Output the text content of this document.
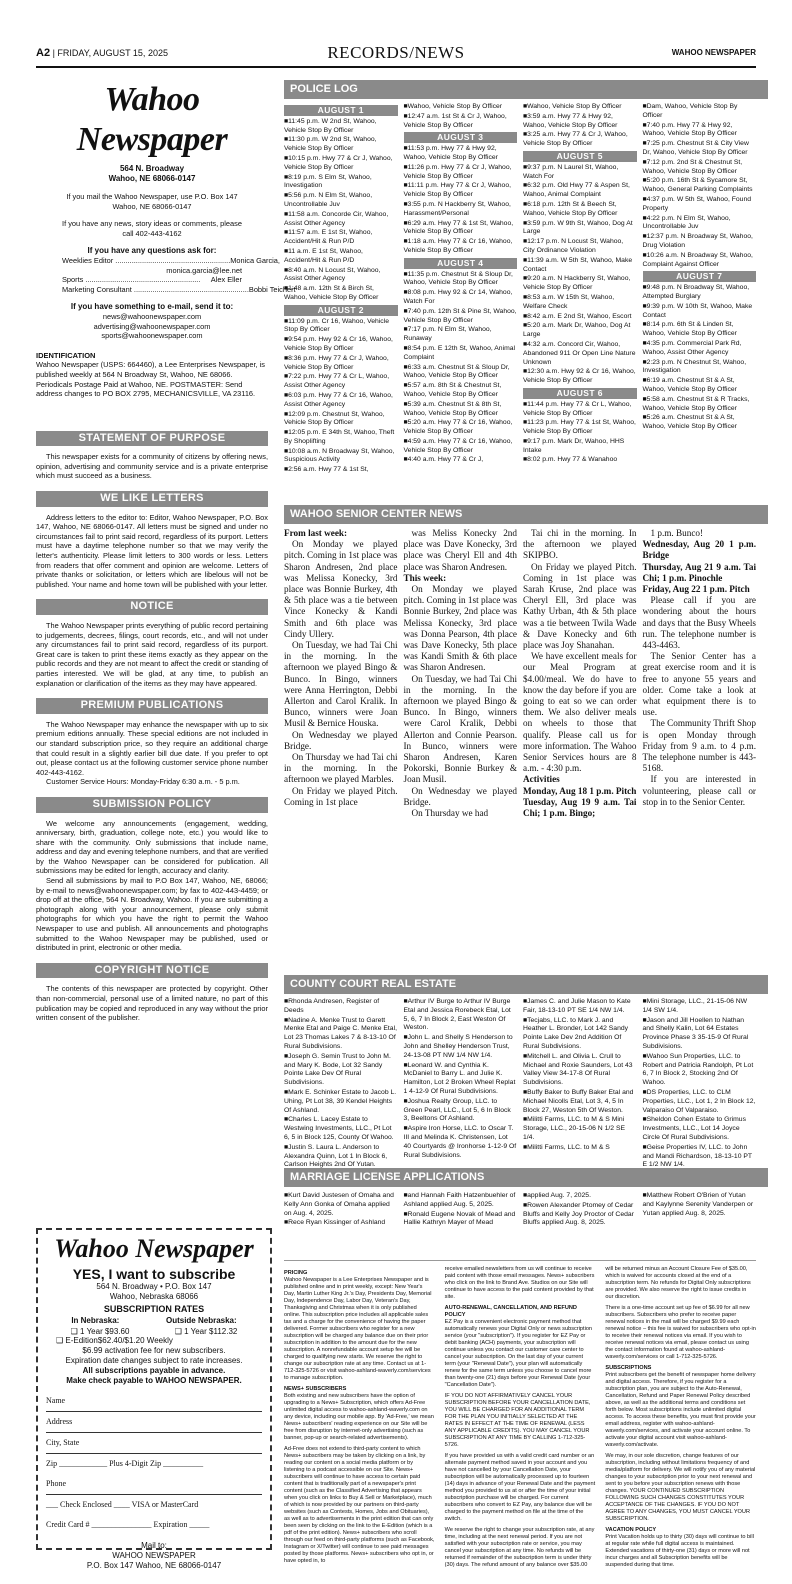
A2 | FRIDAY, AUGUST 15, 2025	RECORDS/NEWS	WAHOO NEWSPAPER
Wahoo Newspaper
564 N. Broadway
Wahoo, NE 68066-0147
If you mail the Wahoo Newspaper, use P.O. Box 147 Wahoo, NE 68066-0147
If you have any news, story ideas or comments, please call 402-443-4162
If you have any questions ask for:
Weeklies Editor .....	Monica Garcia,
monica.garcia@lee.net
Sports .....	Alex Eller
Marketing Consultant .....	Bobbi Teichert
If you have something to e-mail, send it to:
news@wahoonewspaper.com
advertising@wahoonewspaper.com
sports@wahoonewspaper.com
IDENTIFICATION
Wahoo Newspaper (USPS: 664460), a Lee Enterprises Newspaper, is published weekly at 564 N Broadway St, Wahoo, NE 68066. Periodicals Postage Paid at Wahoo, NE. POSTMASTER: Send address changes to PO BOX 2795, MECHANICSVILLE, VA 23116.
STATEMENT OF PURPOSE

This newspaper exists for a community of citizens by offering news, opinion, advertising and community service and is a private enterprise which must succeed as a business.

WE LIKE LETTERS

Address letters to the editor to: Editor, Wahoo Newspaper, P.O. Box 147, Wahoo, NE 68066-0147. All letters must be signed and under no circumstances fail to print said record, regardless of its purport. Letters must have a daytime telephone number so that we may verify the letter's authenticity. Please limit letters to 300 words or less. Letters from readers that offer comment and opinion are welcome. Letters of private thanks or solicitation, or letters which are libelous will not be published. Your name and home town will be published with your letter.

NOTICE

The Wahoo Newspaper prints everything of public record pertaining to judgements, decrees, filings, court records, etc., and will not under any circumstances fail to print said record, regardless of its purport. Great care is taken to print these items exactly as they appear on the public records and they are not meant to affect the credit or standing of parties interested. We will be glad, at any time, to publish an explanation or clarification of the items as they may have appeared.

PREMIUM PUBLICATIONS

The Wahoo Newspaper may enhance the newspaper with up to six premium editions annually. These special editions are not included in our standard subscription price, so they require an additional charge that could result in a slightly earlier bill due date. If you prefer to opt out, please contact us at the following customer service phone number 402-443-4162.

Customer Service Hours: Monday-Friday 6:30 a.m. - 5 p.m.

SUBMISSION POLICY

We welcome any announcements (engagement, wedding, anniversary, birth, graduation, college note, etc.) you would like to share with the community. Only submissions that include name, address and day and evening telephone numbers, and that are verified by the Wahoo Newspaper can be considered for publication. All submissions may be edited for length, accuracy and clarity.

Send all submissions by mail to P.O Box 147, Wahoo, NE, 68066; by e-mail to news@wahoonewspaper.com; by fax to 402-443-4459; or drop off at the office, 564 N. Broadway, Wahoo. If you are submitting a photograph along with your announcement, please only submit photographs for which you have the right to permit the Wahoo Newspaper to use and publish. All announcements and photographs submitted to the Wahoo Newspaper may be published, used or distributed in print, electronic or other media.

COPYRIGHT NOTICE

The contents of this newspaper are protected by copyright. Other than non-commercial, personal use of a limited nature, no part of this publication may be copied and reproduced in any way without the prior written consent of the publisher.

Wahoo Newspaper
YES, I want to subscribe
564 N. Broadway • P.O. Box 147
Wahoo, Nebraska 68066
SUBSCRIPTION RATES
In Nebraska:	Outside Nebraska:
❑ 1 Year $93.60	❑ 1 Year $112.32
❑ E-Edition$62.40/$1.20 Weekly
$6.99 activation fee for new subscribers.
Expiration date changes subject to rate increases.
All subscriptions payable in advance.
Make check payable to WAHOO NEWSPAPER.
Name
Address
City, State
Zip ____________ Plus 4-Digit Zip __________
Phone
___ Check Enclosed ____ VISA or MasterCard
Credit Card # _______________ Expiration _____
Mail to:
WAHOO NEWSPAPER
P.O. Box 147 Wahoo, NE 68066-0147
POLICE LOG
AUGUST 1
■ 11:45 p.m. W 2nd St, Wahoo, Vehicle Stop By Officer
■ 11:30 p.m. W 2nd St, Wahoo, Vehicle Stop By Officer
■ 10:15 p.m. Hwy 77 & Cr J, Wahoo, Vehicle Stop By Officer
■ 8:19 p.m. S Elm St, Wahoo, Investigation
■ 5:56 p.m. N Elm St, Wahoo, Uncontrollable Juv
■ 11:58 a.m. Concorde Cir, Wahoo, Assist Other Agency
■ 11:57 a.m. E 1st St, Wahoo, Accident/Hit & Run P/D
■ 11 a.m. E 1st St, Wahoo, Accident/Hit & Run P/D
■ 8:40 a.m. N Locust St, Wahoo, Assist Other Agency
■ 1:48 a.m. 12th St & Birch St, Wahoo, Vehicle Stop By Officer
AUGUST 2
■ 11:09 p.m. Cr 16, Wahoo, Vehicle Stop By Officer
■ 9:54 p.m. Hwy 92 & Cr 16, Wahoo, Vehicle Stop By Officer
■ 8:36 p.m. Hwy 77 & Cr J, Wahoo, Vehicle Stop By Officer
■ 7:22 p.m. Hwy 77 & Cr L, Wahoo, Assist Other Agency
■ 6:03 p.m. Hwy 77 & Cr 16, Wahoo, Assist Other Agency
■ 12:09 p.m. Chestnut St, Wahoo, Vehicle Stop By Officer
■ 12:05 p.m. E 34th St, Wahoo, Theft By Shoplifting
■ 10:08 a.m. N Broadway St, Wahoo, Suspicious Activity
■ 2:56 a.m. Hwy 77 & 1st St,
■ Wahoo, Vehicle Stop By Officer
■ 12:47 a.m. 1st St & Cr J, Wahoo, Vehicle Stop By Officer
AUGUST 3
■ 11:53 p.m. Hwy 77 & Hwy 92, Wahoo, Vehicle Stop By Officer
■ 11:26 p.m. Hwy 77 & Cr J, Wahoo, Vehicle Stop By Officer
■ 11:11 p.m. Hwy 77 & Cr J, Wahoo, Vehicle Stop By Officer
■ 3:55 p.m. N Hackberry St, Wahoo, Harassment/Personal
■ 6:29 a.m. Hwy 77 & 1st St, Wahoo, Vehicle Stop By Officer
■ 1:18 a.m. Hwy 77 & Cr 16, Wahoo, Vehicle Stop By Officer
AUGUST 4
■ 11:35 p.m. Chestnut St & Sloup Dr, Wahoo, Vehicle Stop By Officer
■ 8:08 p.m. Hwy 92 & Cr 14, Wahoo, Watch For
■ 7:40 p.m. 12th St & Pine St, Wahoo, Vehicle Stop By Officer
■ 7:17 p.m. N Elm St, Wahoo, Runaway
■ 8:54 p.m. E 12th St, Wahoo, Animal Complaint
■ 6:33 a.m. Chestnut St & Sloup Dr, Wahoo, Vehicle Stop By Officer
■ 5:57 a.m. 8th St & Chestnut St, Wahoo, Vehicle Stop By Officer
■ 5:39 a.m. Chestnut St & 8th St, Wahoo, Vehicle Stop By Officer
■ 5:20 a.m. Hwy 77 & Cr 16, Wahoo, Vehicle Stop By Officer
■ 4:59 a.m. Hwy 77 & Cr 16, Wahoo, Vehicle Stop By Officer
■ 4:40 a.m. Hwy 77 & Cr J,
■ Wahoo, Vehicle Stop By Officer
■ 3:59 a.m. Hwy 77 & Hwy 92, Wahoo, Vehicle Stop By Officer
■ 3:25 a.m. Hwy 77 & Cr J, Wahoo, Vehicle Stop By Officer
AUGUST 5
■ 9:37 p.m. N Laurel St, Wahoo, Watch For
■ 6:32 p.m. Old Hwy 77 & Aspen St, Wahoo, Animal Complaint
■ 6:18 p.m. 12th St & Beech St, Wahoo, Vehicle Stop By Officer
■ 3:59 p.m. W 9th St, Wahoo, Dog At Large
■ 12:17 p.m. N Locust St, Wahoo, City Ordinance Violation
■ 11:39 a.m. W 5th St, Wahoo, Make Contact
■ 9:20 a.m. N Hackberry St, Wahoo, Vehicle Stop By Officer
■ 8:53 a.m. W 15th St, Wahoo, Welfare Check
■ 8:42 a.m. E 2nd St, Wahoo, Escort
■ 5:20 a.m. Mark Dr, Wahoo, Dog At Large
■ 4:32 a.m. Concord Cir, Wahoo, Abandoned 911 Or Open Line Nature Unknown
■ 12:30 a.m. Hwy 92 & Cr 16, Wahoo, Vehicle Stop By Officer
AUGUST 6
■ 11:44 p.m. Hwy 77 & Cr L, Wahoo, Vehicle Stop By Officer
■ 11:23 p.m. Hwy 77 & 1st St, Wahoo, Vehicle Stop By Officer
■ 9:17 p.m. Mark Dr, Wahoo, HHS Intake
■ 8:02 p.m. Hwy 77 & Wanahoo
■ Dam, Wahoo, Vehicle Stop By Officer
■ 7:40 p.m. Hwy 77 & Hwy 92, Wahoo, Vehicle Stop By Officer
■ 7:25 p.m. Chestnut St & City View Dr, Wahoo, Vehicle Stop By Officer
■ 7:12 p.m. 2nd St & Chestnut St, Wahoo, Vehicle Stop By Officer
■ 5:20 p.m. 16th St & Sycamore St, Wahoo, General Parking Complaints
■ 4:37 p.m. W 5th St, Wahoo, Found Property
■ 4:22 p.m. N Elm St, Wahoo, Uncontrollable Juv
■ 12:37 p.m. N Broadway St, Wahoo, Drug Violation
■ 10:26 a.m. N Broadway St, Wahoo, Complaint Against Officer
AUGUST 7
■ 9:48 p.m. N Broadway St, Wahoo, Attempted Burglary
■ 9:39 p.m. W 10th St, Wahoo, Make Contact
■ 8:14 p.m. 6th St & Linden St, Wahoo, Vehicle Stop By Officer
■ 4:35 p.m. Commercial Park Rd, Wahoo, Assist Other Agency
■ 2:23 p.m. N Chestnut St, Wahoo, Investigation
■ 6:19 a.m. Chestnut St & A St, Wahoo, Vehicle Stop By Officer
■ 5:58 a.m. Chestnut St & R Tracks, Wahoo, Vehicle Stop By Officer
■ 5:26 a.m. Chestnut St & A St, Wahoo, Vehicle Stop By Officer
WAHOO SENIOR CENTER NEWS

From last week:

On Monday we played pitch. Coming in 1st place was Sharon Andresen, 2nd place was Melissa Konecky, 3rd place was Bonnie Burkey, 4th & 5th place was a tie between Vince Konecky & Kandi Smith and 6th place was Cindy Ullery.

On Tuesday, we had Tai Chi in the morning. In the afternoon we played Bingo & Bunco. In Bingo, winners were Anna Herrington, Debbi Allerton and Carol Kralik. In Bunco, winners were Joan Musil & Bernice Houska.

On Wednesday we played Bridge.

On Thursday we had Tai chi in the morning. In the afternoon we played Marbles.

On Friday we played Pitch. Coming in 1st place

was Meliss Konecky 2nd place was Dave Konecky, 3rd place was Cheryl Ell and 4th place was Sharon Andresen.

This week:

On Monday we played pitch. Coming in 1st place was Bonnie Burkey, 2nd place was Melissa Konecky, 3rd place was Donna Pearson, 4th place was Dave Konecky, 5th place was Kandi Smith & 6th place was Sharon Andresen.

On Tuesday, we had Tai Chi in the morning. In the afternoon we played Bingo & Bunco. In Bingo, winners were Carol Kralik, Debbi Allerton and Connie Pearson. In Bunco, winners were Sharon Andresen, Karen Pokorski, Bonnie Burkey & Joan Musil.

On Wednesday we played Bridge.

On Thursday we had

Tai chi in the morning. In the afternoon we played SKIPBO.

On Friday we played Pitch. Coming in 1st place was Sarah Kruse, 2nd place was Cheryl Ell, 3rd place was Kathy Urban, 4th & 5th place was a tie between Twila Wade & Dave Konecky and 6th place was Joy Shanahan.

We have excellent meals for our Meal Program at $4.00/meal. We do have to know the day before if you are going to eat so we can order them. We also deliver meals on wheels to those that qualify. Please call us for more information. The Wahoo Senior Services hours are 8 a.m. - 4:30 p.m.

Activities

Monday, Aug 18 1 p.m. Pitch

Tuesday, Aug 19 9 a.m. Tai Chi; 1 p.m. Bingo;

1 p.m. Bunco!

Wednesday, Aug 20 1 p.m. Bridge

Thursday, Aug 21 9 a.m. Tai Chi; 1 p.m. Pinochle

Friday, Aug 22 1 p.m. Pitch

Please call if you are wondering about the hours and days that the Busy Wheels run. The telephone number is 443-4463.

The Senior Center has a great exercise room and it is free to anyone 55 years and older. Come take a look at what equipment there is to use.

The Community Thrift Shop is open Monday through Friday from 9 a.m. to 4 p.m. The telephone number is 443-5168.

If you are interested in volunteering, please call or stop in to the Senior Center.

COUNTY COURT REAL ESTATE
■ Rhonda Andresen, Register of Deeds
■ Nadine A. Menke Trust to Garett Menke Etal and Paige C. Menke Etal, Lot 23 Thomas Lakes 7 & 8-13-10 Of Rural Subdivisions.
■ Joseph G. Semin Trust to John M. and Mary K. Bode, Lot 32 Sandy Pointe Lake Dev Of Rural Subdivisions.
■ Mark E. Schinker Estate to Jacob L. Uhing, Pt Lot 38, 39 Kendel Heights Of Ashland.
■ Charles L. Lacey Estate to Westwing Investments, LLC., Pt Lot 6, 5 in Block 125, County Of Wahoo.
■ Justin S. Laura L. Anderson to Alexandra Quinn, Lot 1 In Block 6, Carlson Heights 2nd Of Yutan.
■ Arthur IV Burge to Arthur IV Burge Etal and Jessica Rorebeck Etal, Lot 5, 6, 7 In Block 2, East Weston Of Weston.
■ John L. and Shelly S Henderson to John and Shelley Henderson Trust, 24-13-08 PT NW 1/4 NW 1/4.
■ Leonard W. and Cynthia K. McDaniel to Barry L. and Julie K. Hamilton, Lot 2 Broken Wheel Replat 1 4-12-9 Of Rural Subdivisions.
■ Joshua Realty Group, LLC. to Green Pearl, LLC., Lot 5, 6 In Block 3, Beeltons Of Ashland.
■ Aspire Iron Horse, LLC. to Oscar T. III and Melinda K. Christensen, Lot 40 Courtyards @ Ironhorse 1-12-9 Of Rural Subdivisions.
■ James C. and Julie Mason to Kate Fair, 18-13-10 PT SE 1/4 NW 1/4.
■ Tecjabs, LLC. to Mark J. and Heather L. Bronder, Lot 142 Sandy Pointe Lake Dev 2nd Addition Of Rural Subdivisions.
■ Mitchell L. and Olivia L. Crull to Michael and Roxie Saunders, Lot 43 Valley View 34-17-8 Of Rural Subdivisions.
■ Buffy Baker to Buffy Baker Etal and Michael Nicolls Etal, Lot 3, 4, 5 In Block 27, Weston 5th Of Weston.
■ Militti Farms, LLC. to M & S Mini Storage, LLC., 20-15-06 N 1/2 SE 1/4.
■ Militti Farms, LLC. to M & S
■ Mini Storage, LLC., 21-15-06 NW 1/4 SW 1/4.
■ Jason and Jill Hoellen to Nathan and Shelly Kalin, Lot 64 Estates Province Phase 3 35-15-9 Of Rural Subdivisions.
■ Wahoo Sun Properties, LLC. to Robert and Patricia Randolph, Pt Lot 6, 7 In Block 2, Stocking 2nd Of Wahoo.
■ DS Properties, LLC. to CLM Properties, LLC., Lot 1, 2 In Block 12, Valparaiso Of Valparaiso.
■ Sheldon Cohen Estate to Grimus Investments, LLC., Lot 14 Joyce Circle Of Rural Subdivisions.
■ Geise Properties IV, LLC. to John and Mandi Richardson, 18-13-10 PT E 1/2 NW 1/4.
MARRIAGE LICENSE APPLICATIONS
■ Kurt David Justesen of Omaha and Kelly Ann Gonka of Omaha applied on Aug. 4, 2025.
■ Rece Ryan Kissinger of Ashland
■ and Hannah Faith Hatzenbuehler of Ashland applied Aug. 5, 2025.
■ Ronald Eugene Novak of Mead and Hallie Kathryn Mayer of Mead
■ applied Aug. 7, 2025.
■ Rowen Alexander Ptomey of Cedar Bluffs and Kelly Joy Proctor of Cedar Bluffs applied Aug. 8, 2025.
■ Matthew Robert O'Brien of Yutan and Kaylynne Serenity Vanderpen or Yutan applied Aug. 8, 2025.
PRICING

Wahoo Newspaper is a Lee Enterprises Newspaper and is published online and in print weekly, except: New Year's Day, Martin Luther King Jr.'s Day, Presidents Day, Memorial Day, Independence Day, Labor Day, Veteran's Day, Thanksgiving and Christmas when it is only published online. This subscription price includes all applicable sales tax and a charge for the convenience of having the paper delivered. Former subscribers who register for a new subscription will be charged any balance due on their prior subscription in addition to the amount due for the new subscription. A nonrefundable account setup fee will be charged to qualifying new starts. We reserve the right to change our subscription rate at any time. Contact us at 1-712-325-5726 or visit wahoo-ashland-waverly.com/services to manage subscription.

NEWS+ SUBSCRIBERS

Both existing and new subscribers have the option of upgrading to a News+ Subscription, which offers Ad-Free unlimited digital access to wahoo-ashland-waverly.com on any device, including our mobile app. By 'Ad-Free,' we mean News+ subscribers' reading experience on our Site will be free from disruption by internet-only advertising (such as banner, pop-up or search-related advertisements).

Ad-Free does not extend to third-party content to which News+ subscribers may be taken by clicking on a link, by reading our content on a social media platform or by listening to a podcast accessible on our Site. News+ subscribers will continue to have access to certain paid content that is traditionally part of a newspaper's print content (such as the Classified Advertising that appears when you click on links to Buy & Sell or Marketplace), much of which is now provided by our partners on third-party websites (such as Contests, Homes, Jobs and Obituaries), as well as to advertisements in the print edition that can only been seen by clicking on the link to the E-Edition (which is a pdf of the print edition). News+ subscribers who scroll through our feed on third-party platforms (such as Facebook, Instagram or X/Twitter) will continue to see paid messages posted by those platforms. News+ subscribers who opt in, or have opted in, to

receive emailed newsletters from us will continue to receive paid content with those email messages. News+ subscribers who click on the link to Brand Ave. Studios on our Site will continue to have access to the paid content provided by that site.

AUTO-RENEWAL, CANCELLATION, AND REFUND POLICY

EZ Pay is a convenient electronic payment method that automatically renews your Digital Only or news subscription service (your "subscription"). If you register for EZ Pay or debit banking (ACH) payments, your subscription will continue unless you contact our customer care center to cancel your subscription. On the last day of your current term (your "Renewal Date"), your plan will automatically renew for the same term unless you choose to cancel more than twenty-one (21) days before your Renewal Date (your "Cancellation Date").

IF YOU DO NOT AFFIRMATIVELY CANCEL YOUR SUBSCRIPTION BEFORE YOUR CANCELLATION DATE, YOU WILL BE CHARGED FOR AN ADDITIONAL TERM FOR THE PLAN YOU INITIALLY SELECTED AT THE RATES IN EFFECT AT THE TIME OF RENEWAL (LESS ANY APPLICABLE CREDITS). YOU MAY CANCEL YOUR SUBSCRIPTION AT ANY TIME BY CALLING 1-712-325-5726.

If you have provided us with a valid credit card number or an alternate payment method saved in your account and you have not cancelled by your Cancellation Date, your subscription will be automatically processed up to fourteen (14) days in advance of your Renewal Date and the payment method you provided to us at or after the time of your initial subscription purchase will be charged. For current subscribers who convert to EZ Pay, any balance due will be charged to the payment method on file at the time of the switch.

We reserve the right to change your subscription rate, at any time, including at the next renewal period. If you are not satisfied with your subscription rate or service, you may cancel your subscription at any time. No refunds will be returned if remainder of the subscription term is under thirty (30) days. The refund amount of any balance over $35.00

will be returned minus an Account Closure Fee of $35.00, which is waived for accounts closed at the end of a subscription term. No refunds for Digital Only subscriptions are provided. We also reserve the right to issue credits in our discretion.

There is a one-time account set up fee of $6.99 for all new subscribers. Subscribers who prefer to receive paper renewal notices in the mail will be charged $9.99 each renewal notice – this fee is waived for subscribers who opt-in to receive their renewal notices via email. If you wish to receive renewal notices via email, please contact us using the contact information found at wahoo-ashland-waverly.com/services or call 1-712-325-5726.

SUBSCRIPTIONS

Print subscribers get the benefit of newspaper home delivery and digital access. Therefore, if you register for a subscription plan, you are subject to the Auto-Renewal, Cancellation, Refund and Paper Renewal Policy described above, as well as the additional terms and conditions set forth below. Most subscriptions include unlimited digital access. To access these benefits, you must first provide your email address, register with wahoo-ashland-waverly.com/services, and activate your account online. To activate your digital account visit wahoo-ashland-waverly.com/activate.

We may, in our sole discretion, change features of our subscription, including without limitations frequency of and media/platform for delivery. We will notify you of any material changes to your subscription prior to your next renewal and sent to you before your subscription renews with those changes. YOUR CONTINUED SUBSCRIPTION FOLLOWING SUCH CHANGES CONSTITUTES YOUR ACCEPTANCE OF THE CHANGES. IF YOU DO NOT AGREE TO ANY CHANGES, YOU MUST CANCEL YOUR SUBSCRIPTION.

VACATION POLICY

Print Vacation holds up to thirty (30) days will continue to bill at regular rate while full digital access is maintained. Extended vacations of thirty-one (31) days or more will not incur charges and all Subscription benefits will be suspended during that time.
